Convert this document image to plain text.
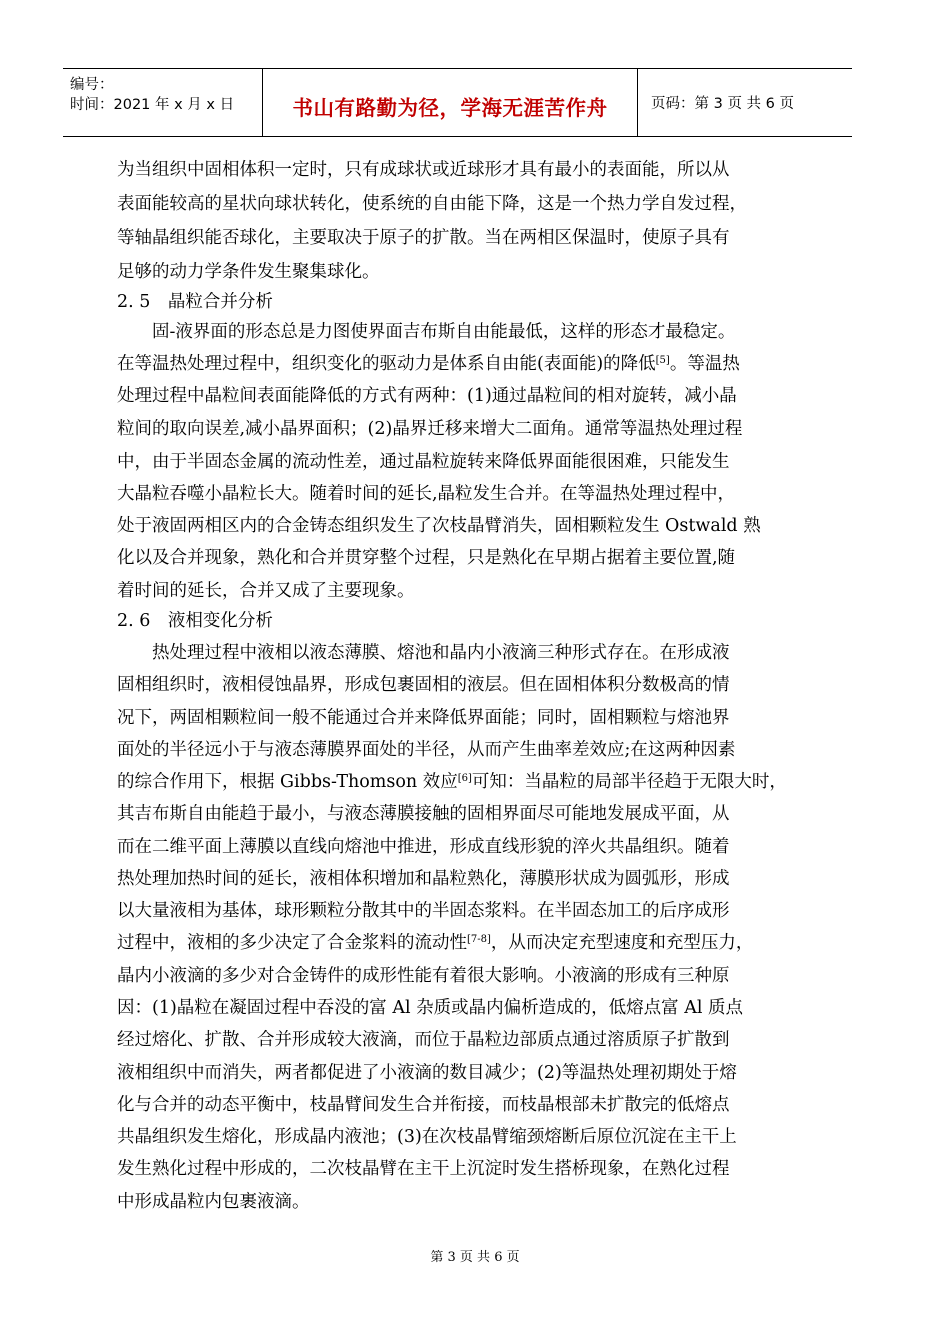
编号：
时间：2021 年 x 月 x 日	书山有路勤为径，学海无涯苦作舟	页码：第 3 页 共 6 页
为当组织中固相体积一定时，只有成球状或近球形才具有最小的表面能，所以从
表面能较高的星状向球状转化，使系统的自由能下降，这是一个热力学自发过程，
等轴晶组织能否球化，主要取决于原子的扩散。当在两相区保温时，使原子具有
足够的动力学条件发生聚集球化。
2. 5　晶粒合并分析
　　固-液界面的形态总是力图使界面吉布斯自由能最低，这样的形态才最稳定。
在等温热处理过程中，组织变化的驱动力是体系自由能(表面能)的降低[5]。等温热
处理过程中晶粒间表面能降低的方式有两种：(1)通过晶粒间的相对旋转，减小晶
粒间的取向误差,减小晶界面积；(2)晶界迁移来增大二面角。通常等温热处理过程
中，由于半固态金属的流动性差，通过晶粒旋转来降低界面能很困难，只能发生
大晶粒吞噬小晶粒长大。随着时间的延长,晶粒发生合并。在等温热处理过程中，
处于液固两相区内的合金铸态组织发生了次枝晶臂消失，固相颗粒发生 Ostwald 熟
化以及合并现象，熟化和合并贯穿整个过程，只是熟化在早期占据着主要位置,随
着时间的延长，合并又成了主要现象。
2. 6　液相变化分析
　　热处理过程中液相以液态薄膜、熔池和晶内小液滴三种形式存在。在形成液
固相组织时，液相侵蚀晶界，形成包裹固相的液层。但在固相体积分数极高的情
况下，两固相颗粒间一般不能通过合并来降低界面能；同时，固相颗粒与熔池界
面处的半径远小于与液态薄膜界面处的半径，从而产生曲率差效应;在这两种因素
的综合作用下，根据 Gibbs-Thomson 效应[6]可知：当晶粒的局部半径趋于无限大时，
其吉布斯自由能趋于最小，与液态薄膜接触的固相界面尽可能地发展成平面，从
而在二维平面上薄膜以直线向熔池中推进，形成直线形貌的淬火共晶组织。随着
热处理加热时间的延长，液相体积增加和晶粒熟化，薄膜形状成为圆弧形，形成
以大量液相为基体，球形颗粒分散其中的半固态浆料。在半固态加工的后序成形
过程中，液相的多少决定了合金浆料的流动性[7-8]，从而决定充型速度和充型压力，
晶内小液滴的多少对合金铸件的成形性能有着很大影响。小液滴的形成有三种原
因：(1)晶粒在凝固过程中吞没的富 Al 杂质或晶内偏析造成的，低熔点富 Al 质点
经过熔化、扩散、合并形成较大液滴，而位于晶粒边部质点通过溶质原子扩散到
液相组织中而消失，两者都促进了小液滴的数目减少；(2)等温热处理初期处于熔
化与合并的动态平衡中，枝晶臂间发生合并衔接，而枝晶根部未扩散完的低熔点
共晶组织发生熔化，形成晶内液池；(3)在次枝晶臂缩颈熔断后原位沉淀在主干上
发生熟化过程中形成的，二次枝晶臂在主干上沉淀时发生搭桥现象，在熟化过程
中形成晶粒内包裹液滴。
第 3 页 共 6 页
